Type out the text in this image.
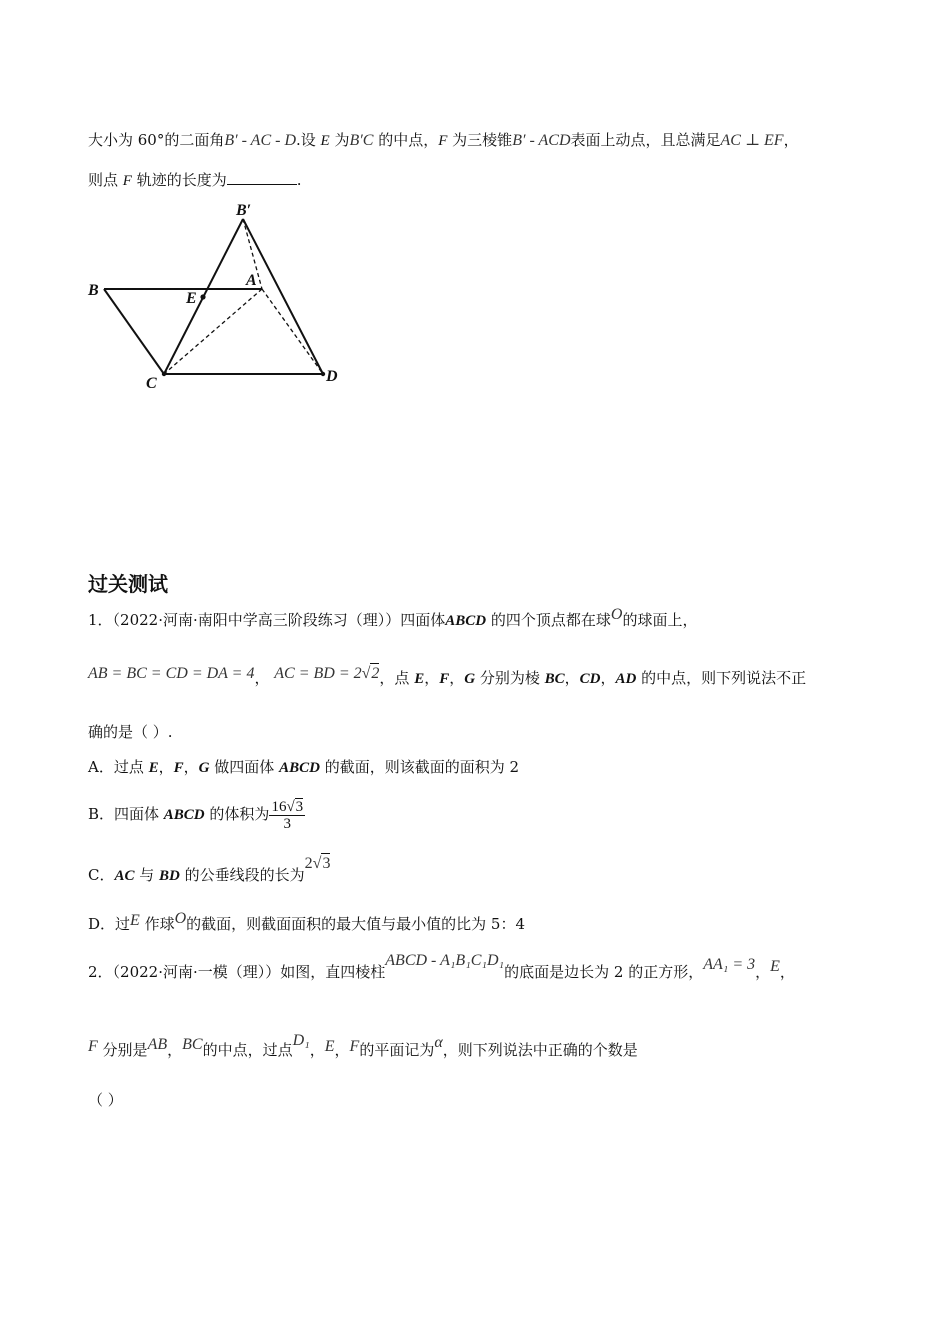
大小为 60°的二面角B′ - AC - D.设 E 为B′C 的中点，F 为三棱锥B′ - ACD表面上动点，且总满足AC ⊥ EF，
则点 F 轨迹的长度为	.
B′
B	E
A
C	D
过关测试
1．（2022·河南·南阳中学高三阶段练习（理））四面体ABCD 的四个顶点都在球O的球面上，
AB = BC = CD = DA = 4， AC = BD = 2√2，点 E，F，G 分别为棱 BC，CD，AD 的中点，则下列说法不正
确的是（ ）.
A．过点 E，F，G 做四面体 ABCD 的截面，则该截面的面积为 2
B．四面体 ABCD 的体积为 $\frac{16√3}{3}$
C．AC 与 BD 的公垂线段的长为2√3
D．过E 作球O的截面，则截面面积的最大值与最小值的比为 5：4
2．（2022·河南·一模（理））如图，直四棱柱ABCD - A₁B₁C₁D₁的底面是边长为 2 的正方形，AA₁ = 3，E，
F 分别是AB，BC的中点，过点D₁，E，F的平面记为α，则下列说法中正确的个数是
（ ）
